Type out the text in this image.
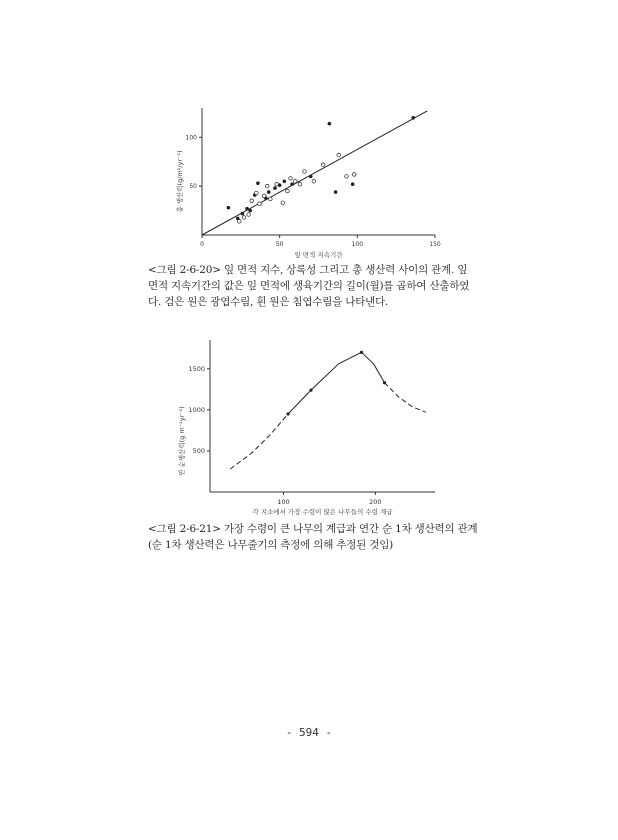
0	50	100	150
50
100
잎 면적 지속기간
총 생산력(g/m²/yr⁻¹)

<그림 2-6-20> 잎 면적 지수, 상록성 그리고 총 생산력 사이의 관계. 잎 면적 지속기간의 값은 잎 면적에 생육기간의 길이(월)를 곱하여 산출하였다. 검은 원은 광엽수림, 흰 원은 침엽수림을 나타낸다.

100	200
500
1000
1500
각 지소에서 가장 수령이 많은 나무들의 수령 계급
연 순생산력(g m⁻²yr⁻¹)

<그림 2-6-21> 가장 수령이 큰 나무의 계급과 연간 순 1차 생산력의 관계(순 1차 생산력은 나무줄기의 측정에 의해 추정된 것임)

- 594 -
